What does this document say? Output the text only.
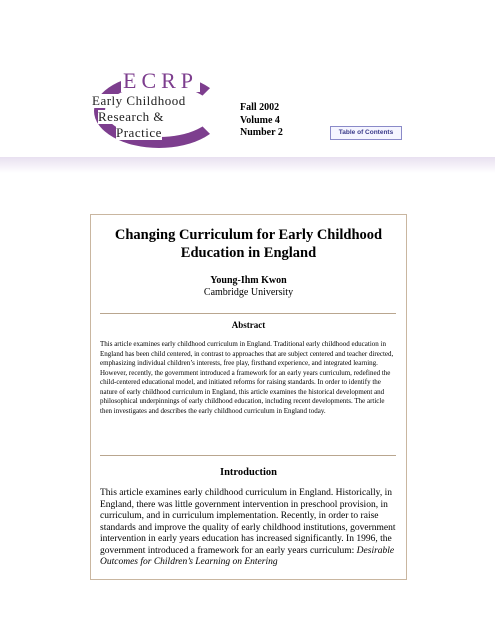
ECRP
Early Childhood
Research &
Practice
Fall 2002
Volume 4
Number 2	Table of Contents
Changing Curriculum for Early Childhood Education in England
Young-Ihm Kwon
Cambridge University
Abstract

This article examines early childhood curriculum in England. Traditional early childhood education in England has been child centered, in contrast to approaches that are subject centered and teacher directed, emphasizing individual children’s interests, free play, firsthand experience, and integrated learning. However, recently, the government introduced a framework for an early years curriculum, redefined the child-centered educational model, and initiated reforms for raising standards. In order to identify the nature of early childhood curriculum in England, this article examines the historical development and philosophical underpinnings of early childhood education, including recent developments. The article then investigates and describes the early childhood curriculum in England today.

Introduction

This article examines early childhood curriculum in England. Historically, in England, there was little government intervention in preschool provision, in curriculum, and in curriculum implementation. Recently, in order to raise standards and improve the quality of early childhood institutions, government intervention in early years education has increased significantly. In 1996, the government introduced a framework for an early years curriculum: Desirable Outcomes for Children’s Learning on Entering
